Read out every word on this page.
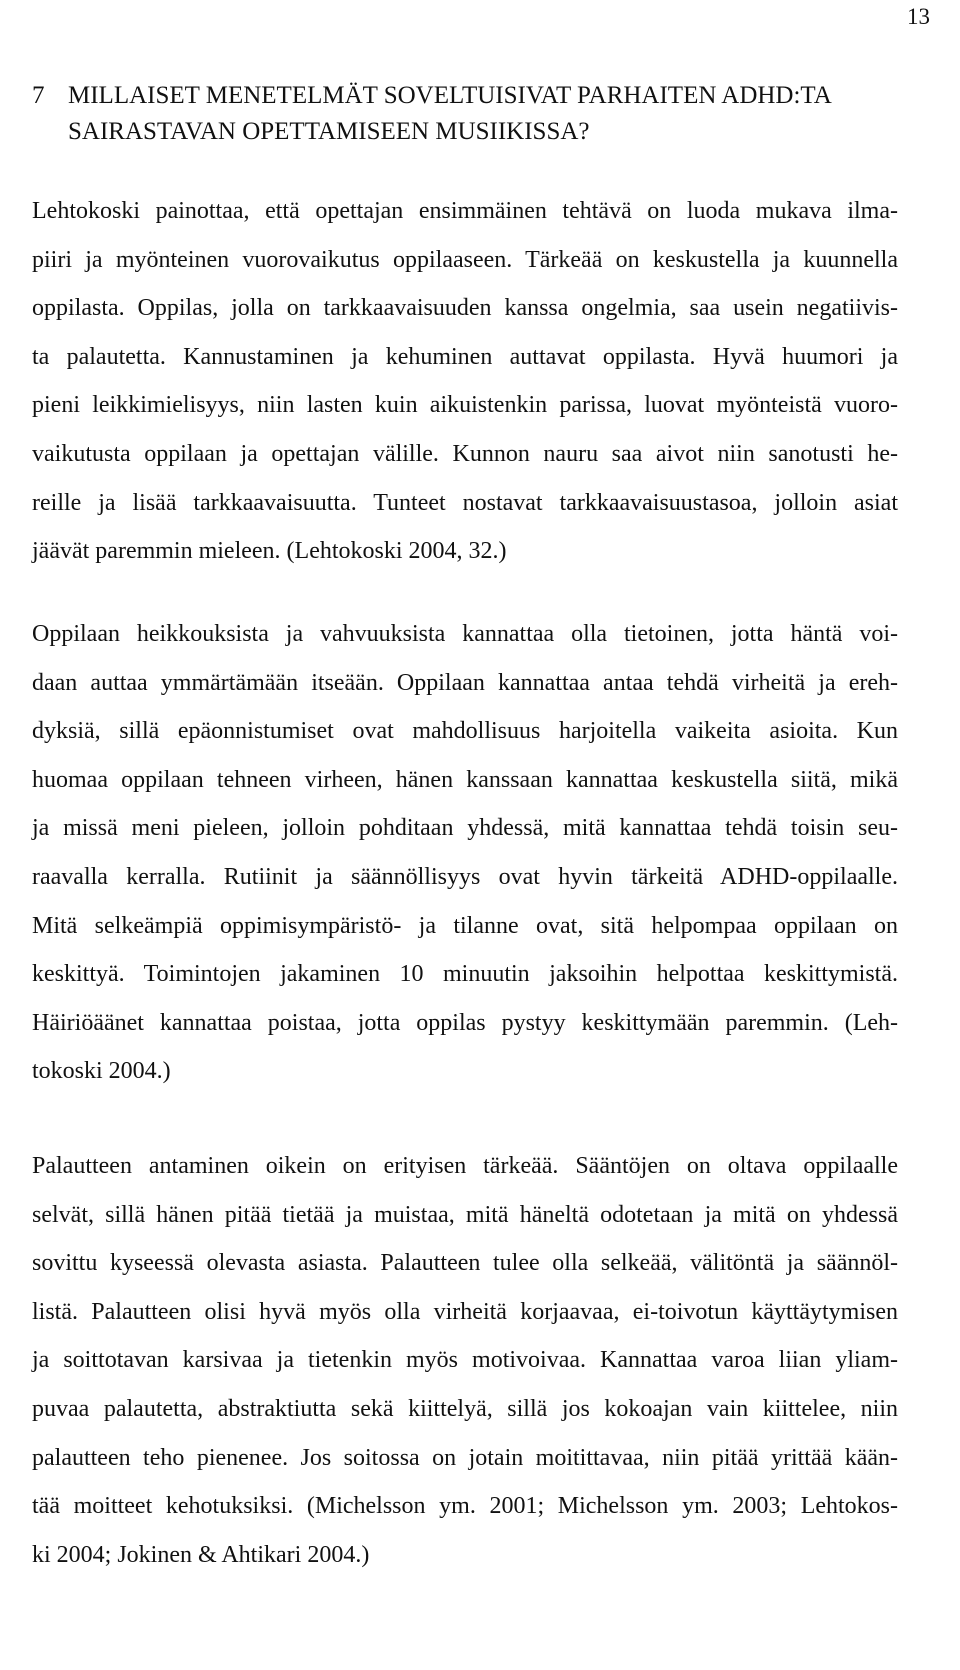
13
7 MILLAISET MENETELMÄT SOVELTUISIVAT PARHAITEN ADHD:TA
SAIRASTAVAN OPETTAMISEEN MUSIIKISSA?
Lehtokoski painottaa, että opettajan ensimmäinen tehtävä on luoda mukava ilma-
piiri ja myönteinen vuorovaikutus oppilaaseen. Tärkeää on keskustella ja kuunnella
oppilasta. Oppilas, jolla on tarkkaavaisuuden kanssa ongelmia, saa usein negatiivis-
ta palautetta. Kannustaminen ja kehuminen auttavat oppilasta. Hyvä huumori ja
pieni leikkimielisyys, niin lasten kuin aikuistenkin parissa, luovat myönteistä vuoro-
vaikutusta oppilaan ja opettajan välille. Kunnon nauru saa aivot niin sanotusti he-
reille ja lisää tarkkaavaisuutta. Tunteet nostavat tarkkaavaisuustasoa, jolloin asiat
jäävät paremmin mieleen. (Lehtokoski 2004, 32.)
Oppilaan heikkouksista ja vahvuuksista kannattaa olla tietoinen, jotta häntä voi-
daan auttaa ymmärtämään itseään. Oppilaan kannattaa antaa tehdä virheitä ja ereh-
dyksiä, sillä epäonnistumiset ovat mahdollisuus harjoitella vaikeita asioita. Kun
huomaa oppilaan tehneen virheen, hänen kanssaan kannattaa keskustella siitä, mikä
ja missä meni pieleen, jolloin pohditaan yhdessä, mitä kannattaa tehdä toisin seu-
raavalla kerralla. Rutiinit ja säännöllisyys ovat hyvin tärkeitä ADHD-oppilaalle.
Mitä selkeämpiä oppimisympäristö- ja tilanne ovat, sitä helpompaa oppilaan on
keskittyä. Toimintojen jakaminen 10 minuutin jaksoihin helpottaa keskittymistä.
Häiriöäänet kannattaa poistaa, jotta oppilas pystyy keskittymään paremmin. (Leh-
tokoski 2004.)
Palautteen antaminen oikein on erityisen tärkeää. Sääntöjen on oltava oppilaalle
selvät, sillä hänen pitää tietää ja muistaa, mitä häneltä odotetaan ja mitä on yhdessä
sovittu kyseessä olevasta asiasta. Palautteen tulee olla selkeää, välitöntä ja säännöl-
listä. Palautteen olisi hyvä myös olla virheitä korjaavaa, ei-toivotun käyttäytymisen
ja soittotavan karsivaa ja tietenkin myös motivoivaa. Kannattaa varoa liian yliam-
puvaa palautetta, abstraktiutta sekä kiittelyä, sillä jos kokoajan vain kiittelee, niin
palautteen teho pienenee. Jos soitossa on jotain moitittavaa, niin pitää yrittää kään-
tää moitteet kehotuksiksi. (Michelsson ym. 2001; Michelsson ym. 2003; Lehtokos-
ki 2004; Jokinen & Ahtikari 2004.)
